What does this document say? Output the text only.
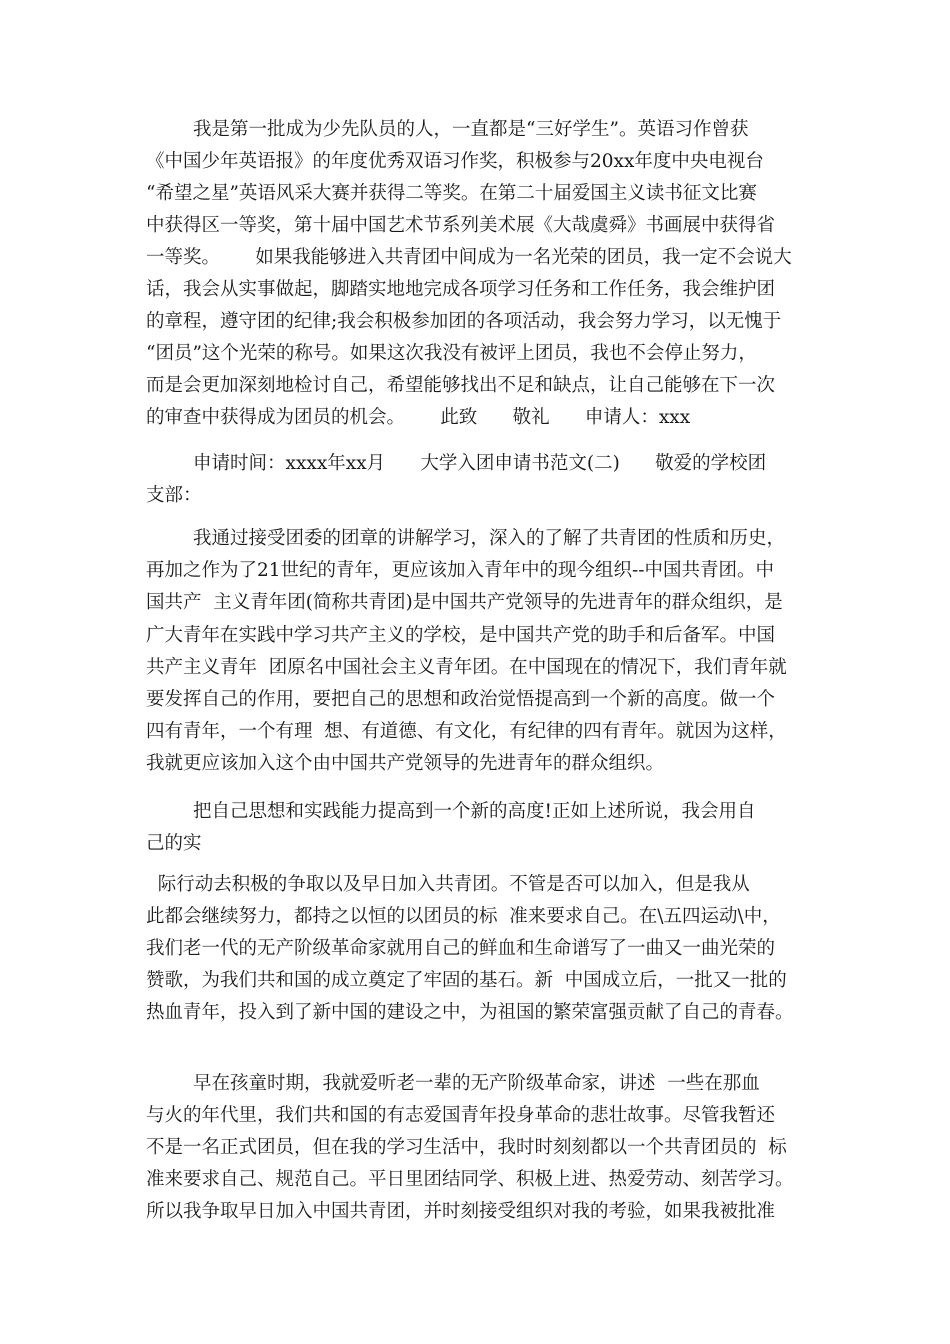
我是第一批成为少先队员的人，一直都是“三好学生”。英语习作曾获
《中国少年英语报》的年度优秀双语习作奖，积极参与20xx年度中央电视台
“希望之星”英语风采大赛并获得二等奖。在第二十届爱国主义读书征文比赛
中获得区一等奖，第十届中国艺术节系列美术展《大哉虞舜》书画展中获得省
一等奖。      如果我能够进入共青团中间成为一名光荣的团员，我一定不会说大
话，我会从实事做起，脚踏实地地完成各项学习任务和工作任务，我会维护团
的章程，遵守团的纪律;我会积极参加团的各项活动，我会努力学习，以无愧于
“团员”这个光荣的称号。如果这次我没有被评上团员，我也不会停止努力，
而是会更加深刻地检讨自己，希望能够找出不足和缺点，让自己能够在下一次
的审查中获得成为团员的机会。      此致      敬礼      申请人：xxx
申请时间：xxxx年xx月      大学入团申请书范文(二)      敬爱的学校团
支部：
我通过接受团委的团章的讲解学习，深入的了解了共青团的性质和历史，
再加之作为了21世纪的青年，更应该加入青年中的现今组织--中国共青团。中
国共产  主义青年团(简称共青团)是中国共产党领导的先进青年的群众组织，是
广大青年在实践中学习共产主义的学校，是中国共产党的助手和后备军。中国
共产主义青年  团原名中国社会主义青年团。在中国现在的情况下，我们青年就
要发挥自己的作用，要把自己的思想和政治觉悟提高到一个新的高度。做一个
四有青年，一个有理  想、有道德、有文化，有纪律的四有青年。就因为这样，
我就更应该加入这个由中国共产党领导的先进青年的群众组织。
把自己思想和实践能力提高到一个新的高度!正如上述所说，我会用自
己的实
际行动去积极的争取以及早日加入共青团。不管是否可以加入，但是我从
此都会继续努力，都持之以恒的以团员的标  准来要求自己。在\五四运动\中，
我们老一代的无产阶级革命家就用自己的鲜血和生命谱写了一曲又一曲光荣的
赞歌，为我们共和国的成立奠定了牢固的基石。新  中国成立后，一批又一批的
热血青年，投入到了新中国的建设之中，为祖国的繁荣富强贡献了自己的青春。
早在孩童时期，我就爱听老一辈的无产阶级革命家，讲述  一些在那血
与火的年代里，我们共和国的有志爱国青年投身革命的悲壮故事。尽管我暂还
不是一名正式团员，但在我的学习生活中，我时时刻刻都以一个共青团员的  标
准来要求自己、规范自己。平日里团结同学、积极上进、热爱劳动、刻苦学习。
所以我争取早日加入中国共青团，并时刻接受组织对我的考验，如果我被批准
